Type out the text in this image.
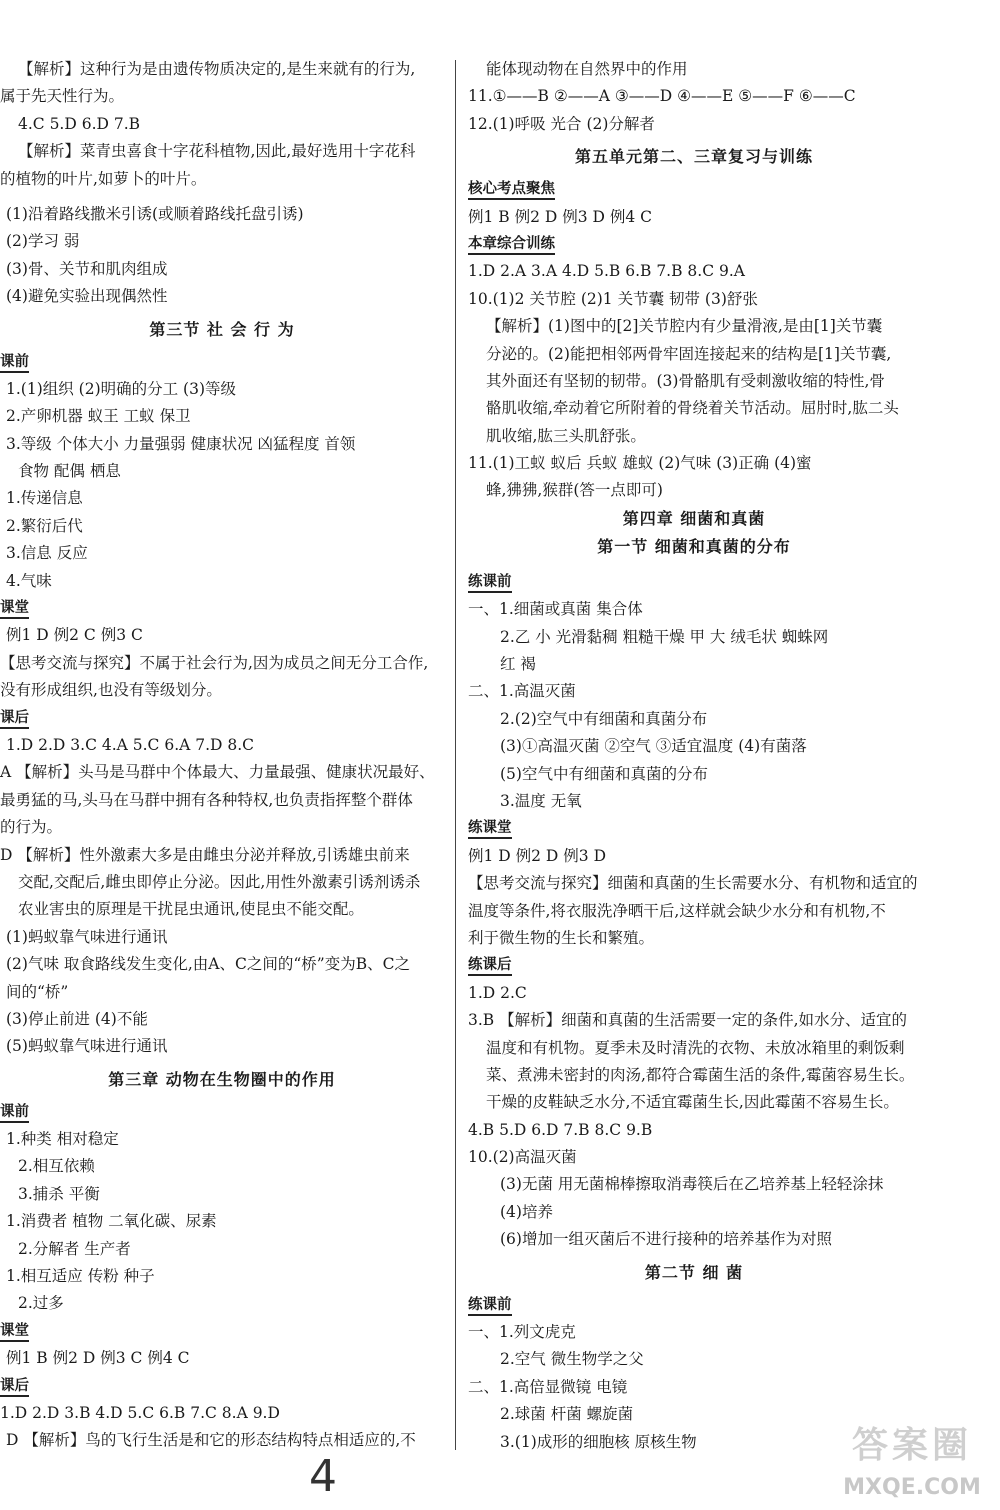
【解析】这种行为是由遗传物质决定的,是生来就有的行为,
属于先天性行为。
4.C 5.D 6.D 7.B
【解析】菜青虫喜食十字花科植物,因此,最好选用十字花科
的植物的叶片,如萝卜的叶片。
(1)沿着路线撒米引诱(或顺着路线托盘引诱)
(2)学习 弱
(3)骨、关节和肌肉组成
(4)避免实验出现偶然性
第三节 社 会 行 为
课前
1.(1)组织 (2)明确的分工 (3)等级
2.产卵机器 蚁王 工蚁 保卫
3.等级 个体大小 力量强弱 健康状况 凶猛程度 首领
食物 配偶 栖息
1.传递信息
2.繁衍后代
3.信息 反应
4.气味
课堂
例1 D 例2 C 例3 C
【思考交流与探究】不属于社会行为,因为成员之间无分工合作,
没有形成组织,也没有等级划分。
课后
1.D 2.D 3.C 4.A 5.C 6.A 7.D 8.C
A 【解析】头马是马群中个体最大、力量最强、健康状况最好、
最勇猛的马,头马在马群中拥有各种特权,也负责指挥整个群体
的行为。
D 【解析】性外激素大多是由雌虫分泌并释放,引诱雄虫前来
交配,交配后,雌虫即停止分泌。因此,用性外激素引诱剂诱杀
农业害虫的原理是干扰昆虫通讯,使昆虫不能交配。
(1)蚂蚁靠气味进行通讯
(2)气味 取食路线发生变化,由A、C之间的“桥”变为B、C之
间的“桥”
(3)停止前进 (4)不能
(5)蚂蚁靠气味进行通讯
第三章 动物在生物圈中的作用
课前
1.种类 相对稳定
2.相互依赖
3.捕杀 平衡
1.消费者 植物 二氧化碳、尿素
2.分解者 生产者
1.相互适应 传粉 种子
2.过多
课堂
例1 B 例2 D 例3 C 例4 C
课后
1.D 2.D 3.B 4.D 5.C 6.B 7.C 8.A 9.D
D 【解析】鸟的飞行生活是和它的形态结构特点相适应的,不
能体现动物在自然界中的作用
11.①——B ②——A ③——D ④——E ⑤——F ⑥——C
12.(1)呼吸 光合 (2)分解者
第五单元第二、三章复习与训练
核心考点聚焦
例1 B 例2 D 例3 D 例4 C
本章综合训练
1.D 2.A 3.A 4.D 5.B 6.B 7.B 8.C 9.A
10.(1)2 关节腔 (2)1 关节囊 韧带 (3)舒张
【解析】(1)图中的[2]关节腔内有少量滑液,是由[1]关节囊
分泌的。(2)能把相邻两骨牢固连接起来的结构是[1]关节囊,
其外面还有坚韧的韧带。(3)骨骼肌有受刺激收缩的特性,骨
骼肌收缩,牵动着它所附着的骨绕着关节活动。屈肘时,肱二头
肌收缩,肱三头肌舒张。
11.(1)工蚁 蚁后 兵蚁 雄蚁 (2)气味 (3)正确 (4)蜜
蜂,狒狒,猴群(答一点即可)
第四章 细菌和真菌
第一节 细菌和真菌的分布
练课前
一、1.细菌或真菌 集合体
2.乙 小 光滑黏稠 粗糙干燥 甲 大 绒毛状 蜘蛛网
红 褐
二、1.高温灭菌
2.(2)空气中有细菌和真菌分布
(3)①高温灭菌 ②空气 ③适宜温度 (4)有菌落
(5)空气中有细菌和真菌的分布
3.温度 无氧
练课堂
例1 D 例2 D 例3 D
【思考交流与探究】细菌和真菌的生长需要水分、有机物和适宜的
温度等条件,将衣服洗净晒干后,这样就会缺少水分和有机物,不
利于微生物的生长和繁殖。
练课后
1.D 2.C
3.B 【解析】细菌和真菌的生活需要一定的条件,如水分、适宜的
温度和有机物。夏季未及时清洗的衣物、未放冰箱里的剩饭剩
菜、煮沸未密封的肉汤,都符合霉菌生活的条件,霉菌容易生长。
干燥的皮鞋缺乏水分,不适宜霉菌生长,因此霉菌不容易生长。
4.B 5.D 6.D 7.B 8.C 9.B
10.(2)高温灭菌
(3)无菌 用无菌棉棒擦取消毒筷后在乙培养基上轻轻涂抹
(4)培养
(6)增加一组灭菌后不进行接种的培养基作为对照
第二节 细 菌
练课前
一、1.列文虎克
2.空气 微生物学之父
二、1.高倍显微镜 电镜
2.球菌 杆菌 螺旋菌
3.(1)成形的细胞核 原核生物
4
答案圈
MXQE.COM
